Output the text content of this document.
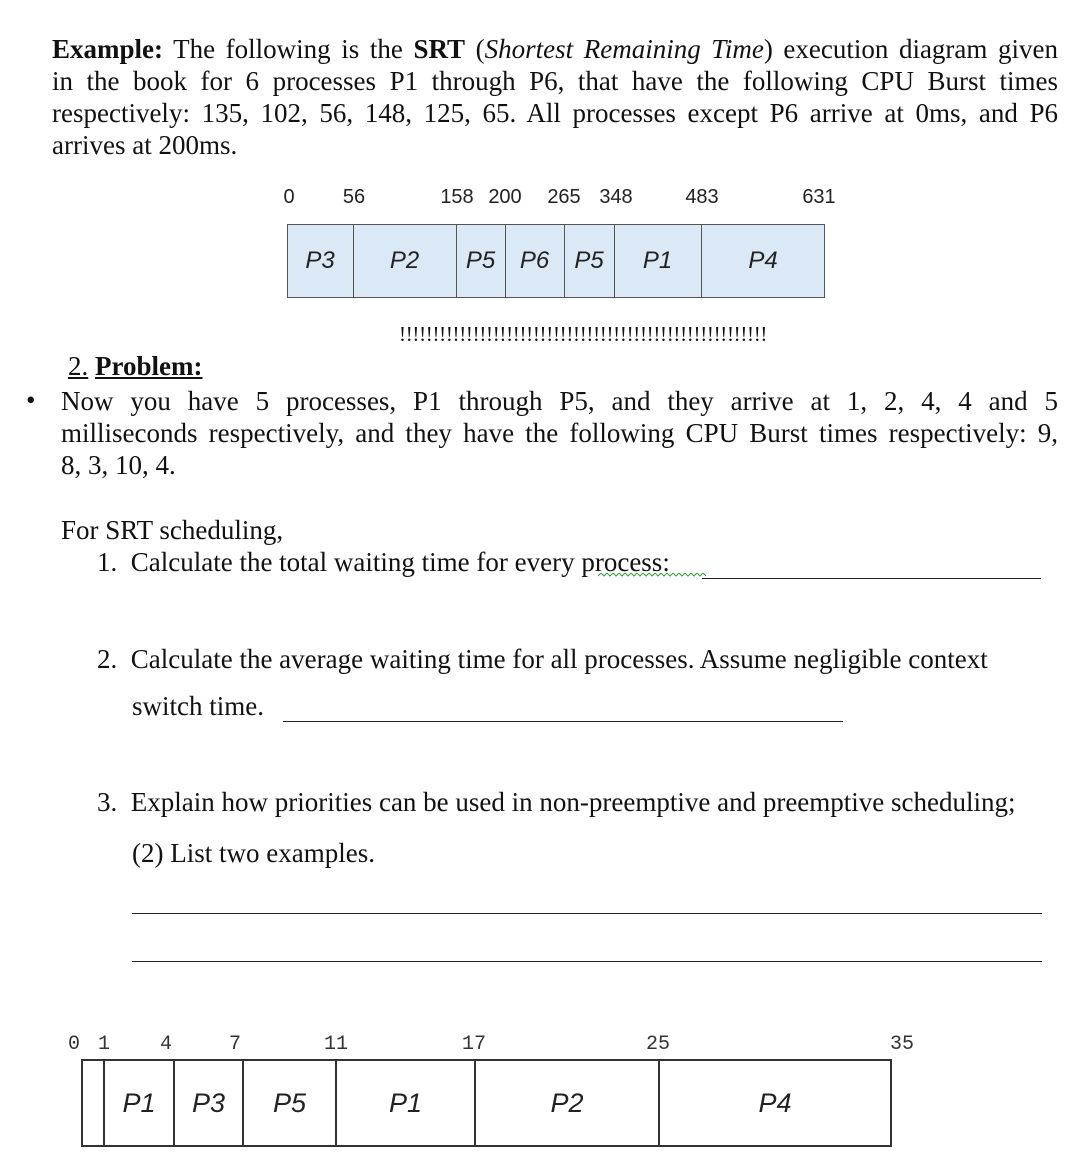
Example: The following is the SRT (Shortest Remaining Time) execution diagram given
in the book for 6 processes P1 through P6, that have the following CPU Burst times
respectively: 135, 102, 56, 148, 125, 65. All processes except P6 arrive at 0ms, and P6
arrives at 200ms.
0 56	158 200 265 348	483	631
P3	P2	P5	P6	P5	P1	P4
!!!!!!!!!!!!!!!!!!!!!!!!!!!!!!!!!!!!!!!!!!!!!!!!!!!!!!!
2. Problem:
• Now you have 5 processes, P1 through P5, and they arrive at 1, 2, 4, 4 and 5
milliseconds respectively, and they have the following CPU Burst times respectively: 9,
8, 3, 10, 4.
For SRT scheduling,
1. Calculate the total waiting time for every process:
2. Calculate the average waiting time for all processes. Assume negligible context
switch time.
3. Explain how priorities can be used in non-preemptive and preemptive scheduling;
(2) List two examples.
0 1 4	7	11	17	25	35
P1	P3	P5	P1	P2	P4
